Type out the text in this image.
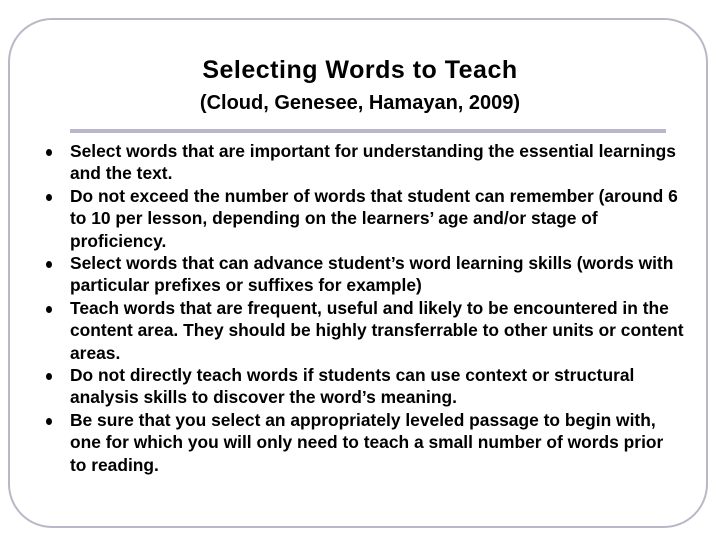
Selecting Words to Teach
(Cloud, Genesee, Hamayan, 2009)
Select words that are important for understanding the essential learnings and the text.
Do not exceed the number of words that student can remember (around 6 to 10 per lesson, depending on the learners’ age and/or stage of proficiency.
Select words that can advance student’s word learning skills (words with particular prefixes or suffixes for example)
Teach words that are frequent, useful and likely to be encountered in the content area. They should be highly transferrable to other units or content areas.
Do not directly teach words if students can use context or structural analysis skills to discover the word’s meaning.
Be sure that you select an appropriately leveled passage to begin with, one for which you will only need to teach a small number of words prior to reading.
